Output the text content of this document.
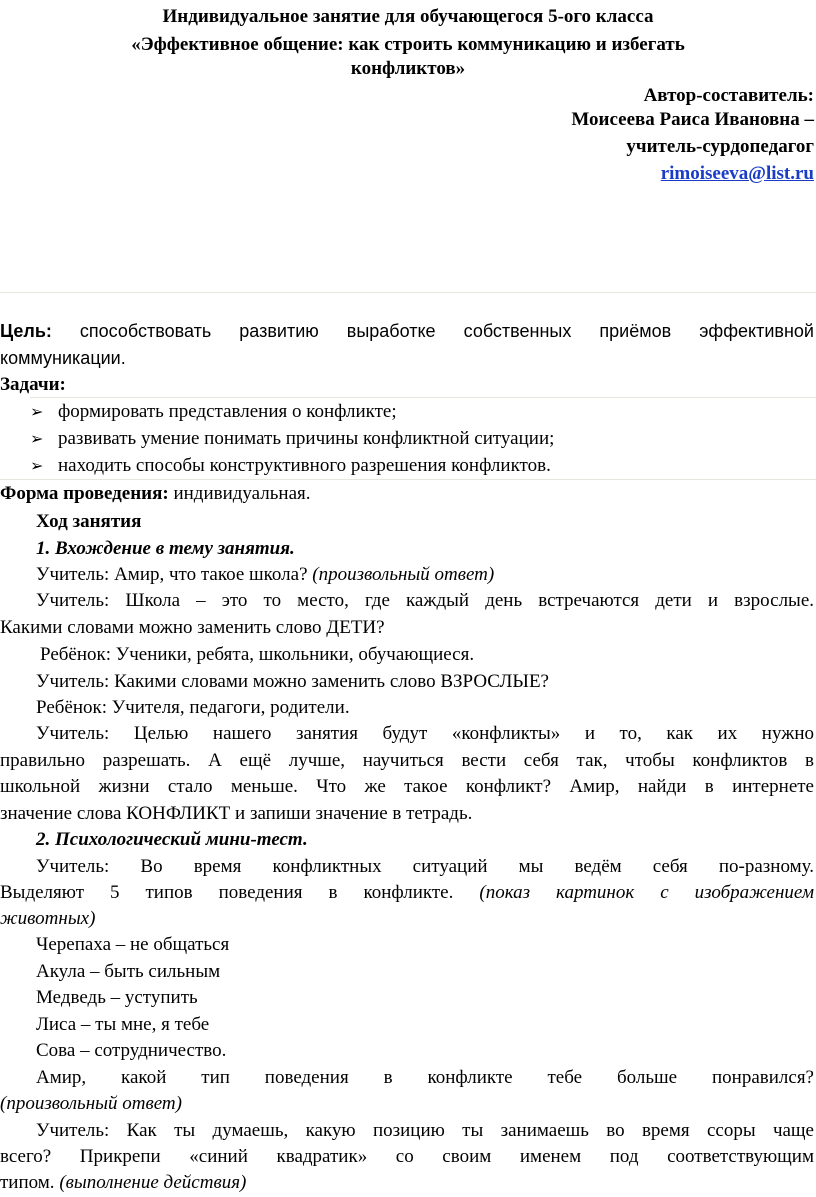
Индивидуальное занятие для обучающегося 5-ого класса
«Эффективное общение: как строить коммуникацию и избегать
конфликтов»
Автор-составитель:
Моисеева Раиса Ивановна –
учитель-сурдопедагог
rimoiseeva@list.ru
Цель: способствовать развитию выработке собственных приёмов эффективной
коммуникации.
Задачи:
➢ формировать представления о конфликте;
➢ развивать умение понимать причины конфликтной ситуации;
➢ находить способы конструктивного разрешения конфликтов.
Форма проведения: индивидуальная.
Ход занятия
1. Вхождение в тему занятия.
Учитель: Амир, что такое школа? (произвольный ответ)
Учитель: Школа – это то место, где каждый день встречаются дети и взрослые.
Какими словами можно заменить слово ДЕТИ?
Ребёнок: Ученики, ребята, школьники, обучающиеся.
Учитель: Какими словами можно заменить слово ВЗРОСЛЫЕ?
Ребёнок: Учителя, педагоги, родители.
Учитель: Целью нашего занятия будут «конфликты» и то, как их нужно
правильно разрешать. А ещё лучше, научиться вести себя так, чтобы конфликтов в
школьной жизни стало меньше. Что же такое конфликт? Амир, найди в интернете
значение слова КОНФЛИКТ и запиши значение в тетрадь.
2. Психологический мини-тест.
Учитель: Во время конфликтных ситуаций мы ведём себя по-разному.
Выделяют 5 типов поведения в конфликте. (показ картинок с изображением
животных)
Черепаха – не общаться
Акула – быть сильным
Медведь – уступить
Лиса – ты мне, я тебе
Сова – сотрудничество.
Амир, какой тип поведения в конфликте тебе больше понравился?
(произвольный ответ)
Учитель: Как ты думаешь, какую позицию ты занимаешь во время ссоры чаще
всего? Прикрепи «синий квадратик» со своим именем под соответствующим
типом. (выполнение действия)
